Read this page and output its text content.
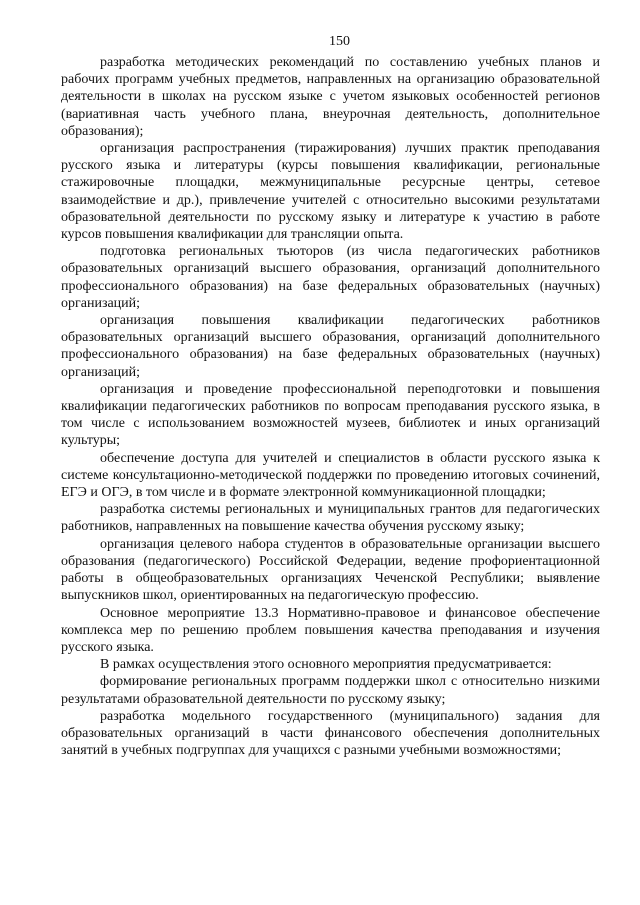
150

разработка методических рекомендаций по составлению учебных планов и рабочих программ учебных предметов, направленных на организацию образовательной деятельности в школах на русском языке с учетом языковых особенностей регионов (вариативная часть учебного плана, внеурочная деятельность, дополнительное образования);

организация распространения (тиражирования) лучших практик преподавания русского языка и литературы (курсы повышения квалификации, региональные стажировочные площадки, межмуниципальные ресурсные центры, сетевое взаимодействие и др.), привлечение учителей с относительно высокими результатами образовательной деятельности по русскому языку и литературе к участию в работе курсов повышения квалификации для трансляции опыта.

подготовка региональных тьюторов (из числа педагогических работников образовательных организаций высшего образования, организаций дополнительного профессионального образования) на базе федеральных образовательных (научных) организаций;

организация повышения квалификации педагогических работников образовательных организаций высшего образования, организаций дополнительного профессионального образования) на базе федеральных образовательных (научных) организаций;

организация и проведение профессиональной переподготовки и повышения квалификации педагогических работников по вопросам преподавания русского языка, в том числе с использованием возможностей музеев, библиотек и иных организаций культуры;

обеспечение доступа для учителей и специалистов в области русского языка к системе консультационно-методической поддержки по проведению итоговых сочинений, ЕГЭ и ОГЭ, в том числе и в формате электронной коммуникационной площадки;

разработка системы региональных и муниципальных грантов для педагогических работников, направленных на повышение качества обучения русскому языку;

организация целевого набора студентов в образовательные организации высшего образования (педагогического) Российской Федерации, ведение профориентационной работы в общеобразовательных организациях Чеченской Республики; выявление выпускников школ, ориентированных на педагогическую профессию.

Основное мероприятие 13.3 Нормативно-правовое и финансовое обеспечение комплекса мер по решению проблем повышения качества преподавания и изучения русского языка.

В рамках осуществления этого основного мероприятия предусматривается:

формирование региональных программ поддержки школ с относительно низкими результатами образовательной деятельности по русскому языку;

разработка модельного государственного (муниципального) задания для образовательных организаций в части финансового обеспечения дополнительных занятий в учебных подгруппах для учащихся с разными учебными возможностями;
